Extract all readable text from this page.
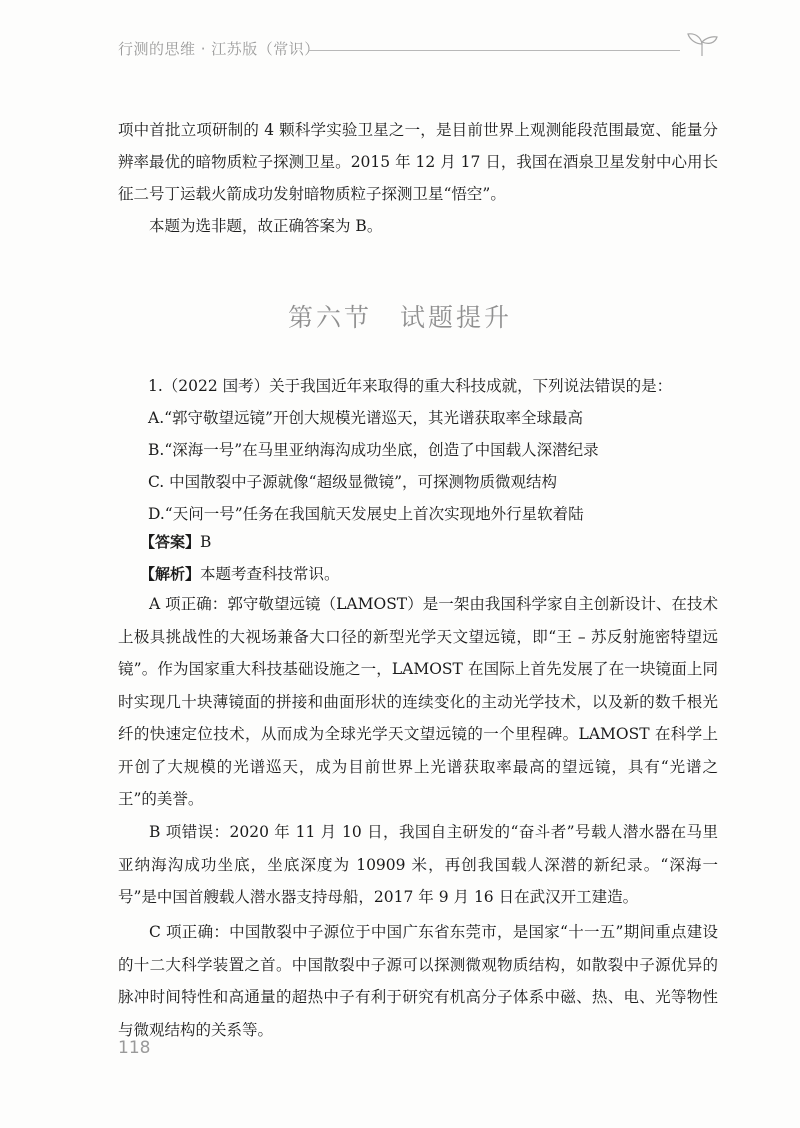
行测的思维 · 江苏版（常识）

项中首批立项研制的 4 颗科学实验卫星之一，是目前世界上观测能段范围最宽、能量分辨率最优的暗物质粒子探测卫星。2015 年 12 月 17 日，我国在酒泉卫星发射中心用长征二号丁运载火箭成功发射暗物质粒子探测卫星“悟空”。

本题为选非题，故正确答案为 B。

第六节　试题提升
1.（2022 国考）关于我国近年来取得的重大科技成就，下列说法错误的是：
A.“郭守敬望远镜”开创大规模光谱巡天，其光谱获取率全球最高
B.“深海一号”在马里亚纳海沟成功坐底，创造了中国载人深潜纪录
C. 中国散裂中子源就像“超级显微镜”，可探测物质微观结构
D.“天问一号”任务在我国航天发展史上首次实现地外行星软着陆
【答案】B
【解析】本题考查科技常识。

A 项正确：郭守敬望远镜（LAMOST）是一架由我国科学家自主创新设计、在技术上极具挑战性的大视场兼备大口径的新型光学天文望远镜，即“王 – 苏反射施密特望远镜”。作为国家重大科技基础设施之一，LAMOST 在国际上首先发展了在一块镜面上同时实现几十块薄镜面的拼接和曲面形状的连续变化的主动光学技术，以及新的数千根光纤的快速定位技术，从而成为全球光学天文望远镜的一个里程碑。LAMOST 在科学上开创了大规模的光谱巡天，成为目前世界上光谱获取率最高的望远镜，具有“光谱之王”的美誉。

B 项错误：2020 年 11 月 10 日，我国自主研发的“奋斗者”号载人潜水器在马里亚纳海沟成功坐底，坐底深度为 10909 米，再创我国载人深潜的新纪录。“深海一号”是中国首艘载人潜水器支持母船，2017 年 9 月 16 日在武汉开工建造。

C 项正确：中国散裂中子源位于中国广东省东莞市，是国家“十一五”期间重点建设的十二大科学装置之首。中国散裂中子源可以探测微观物质结构，如散裂中子源优异的脉冲时间特性和高通量的超热中子有利于研究有机高分子体系中磁、热、电、光等物性与微观结构的关系等。

118
